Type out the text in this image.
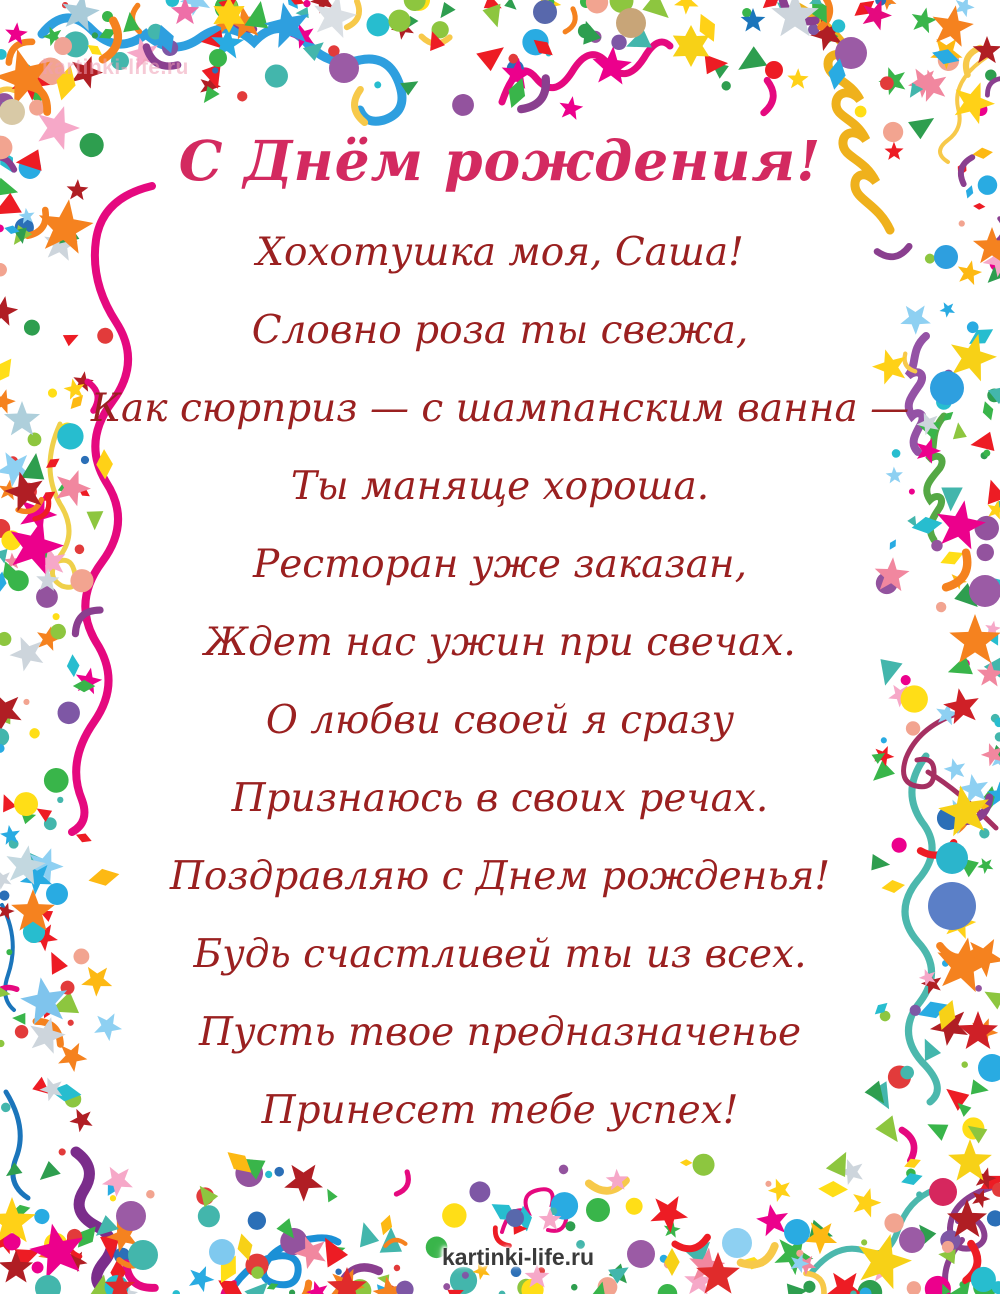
kartinki-life.ru
С Днём рождения!

Хохотушка моя, Саша!

Словно роза ты свежа,

Как сюрприз — с шампанским ванна —

Ты маняще хороша.

Ресторан уже заказан,

Ждет нас ужин при свечах.

О любви своей я сразу

Признаюсь в своих речах.

Поздравляю с Днем рожденья!

Будь счастливей ты из всех.

Пусть твое предназначенье

Принесет тебе успех!

kartinki-life.ru
